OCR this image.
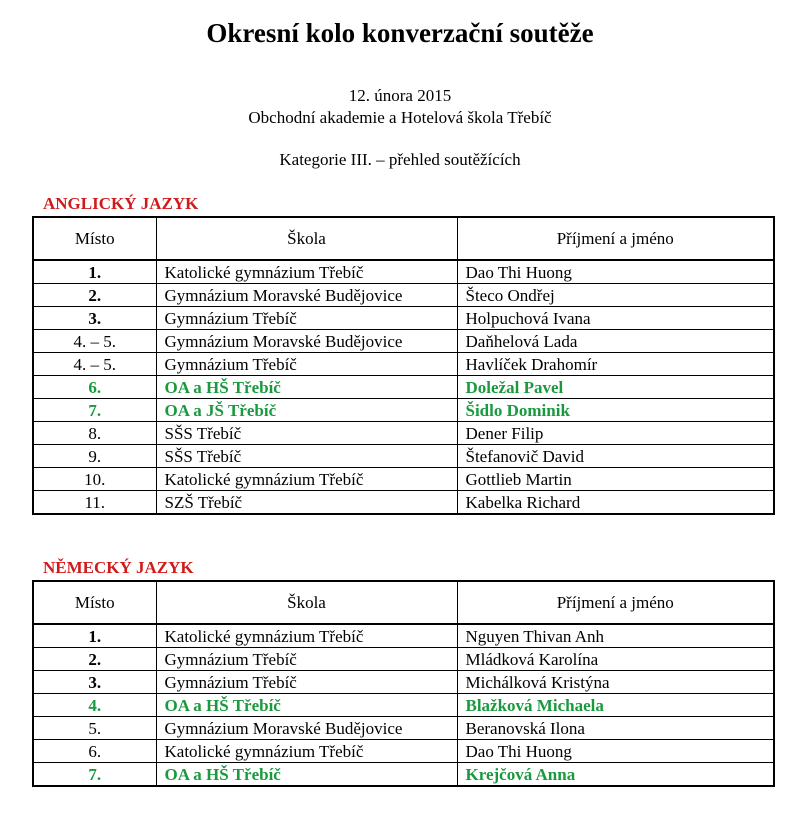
Okresní kolo konverzační soutěže
12. února 2015
Obchodní akademie a Hotelová škola Třebíč
Kategorie III. – přehled soutěžících
ANGLICKÝ JAZYK
Místo	Škola	Příjmení a jméno
1.	Katolické gymnázium Třebíč	Dao Thi Huong
2.	Gymnázium Moravské Budějovice	Šteco Ondřej
3.	Gymnázium Třebíč	Holpuchová Ivana
4. – 5.	Gymnázium Moravské Budějovice	Daňhelová Lada
4. – 5.	Gymnázium Třebíč	Havlíček Drahomír
6.	OA a HŠ Třebíč	Doležal Pavel
7.	OA a JŠ Třebíč	Šidlo Dominik
8.	SŠS Třebíč	Dener Filip
9.	SŠS Třebíč	Štefanovič David
10.	Katolické gymnázium Třebíč	Gottlieb Martin
11.	SZŠ Třebíč	Kabelka Richard
NĚMECKÝ JAZYK
Místo	Škola	Příjmení a jméno
1.	Katolické gymnázium Třebíč	Nguyen Thivan Anh
2.	Gymnázium Třebíč	Mládková Karolína
3.	Gymnázium Třebíč	Michálková Kristýna
4.	OA a HŠ Třebíč	Blažková Michaela
5.	Gymnázium Moravské Budějovice	Beranovská Ilona
6.	Katolické gymnázium Třebíč	Dao Thi Huong
7.	OA a HŠ Třebíč	Krejčová Anna
